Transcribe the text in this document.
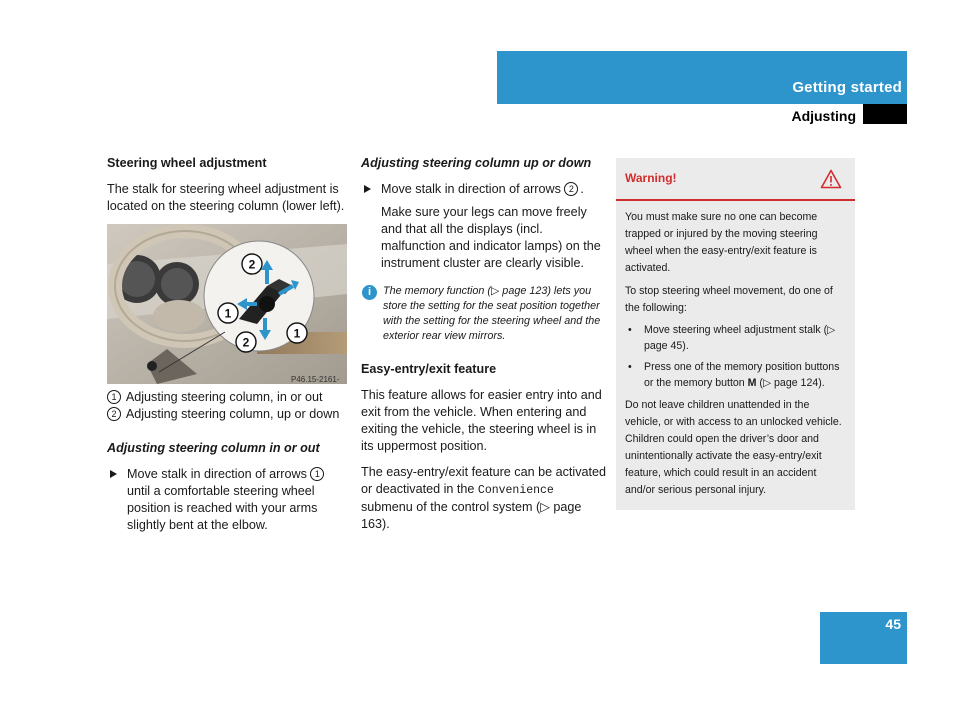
Getting started
Adjusting
Steering wheel adjustment

The stalk for steering wheel adjustment is located on the steering column (lower left).

2
1
2
1
P46.15-2161-
1 Adjusting steering column, in or out
2 Adjusting steering column, up or down
Adjusting steering column in or out
Move stalk in direction of arrows 1 until a comfortable steering wheel position is reached with your arms slightly bent at the elbow.
Adjusting steering column up or down
Move stalk in direction of arrows 2 .

Make sure your legs can move freely and that all the displays (incl. malfunction and indicator lamps) on the instrument cluster are clearly visible.

i	The memory function (▷ page 123) lets you store the setting for the seat position together with the setting for the steering wheel and the exterior rear view mirrors.
Easy-entry/exit feature

This feature allows for easier entry into and exit from the vehicle. When entering and exiting the vehicle, the steering wheel is in its uppermost position.

The easy-entry/exit feature can be activated or deactivated in the Convenience submenu of the control system (▷ page 163).

Warning!

You must make sure no one can become trapped or injured by the moving steering wheel when the easy-entry/exit feature is activated.

To stop steering wheel movement, do one of the following:

• Move steering wheel adjustment stalk (▷ page 45).
• Press one of the memory position buttons or the memory button M (▷ page 124).

Do not leave children unattended in the vehicle, or with access to an unlocked vehicle. Children could open the driver’s door and unintentionally activate the easy-entry/exit feature, which could result in an accident and/or serious personal injury.

45
